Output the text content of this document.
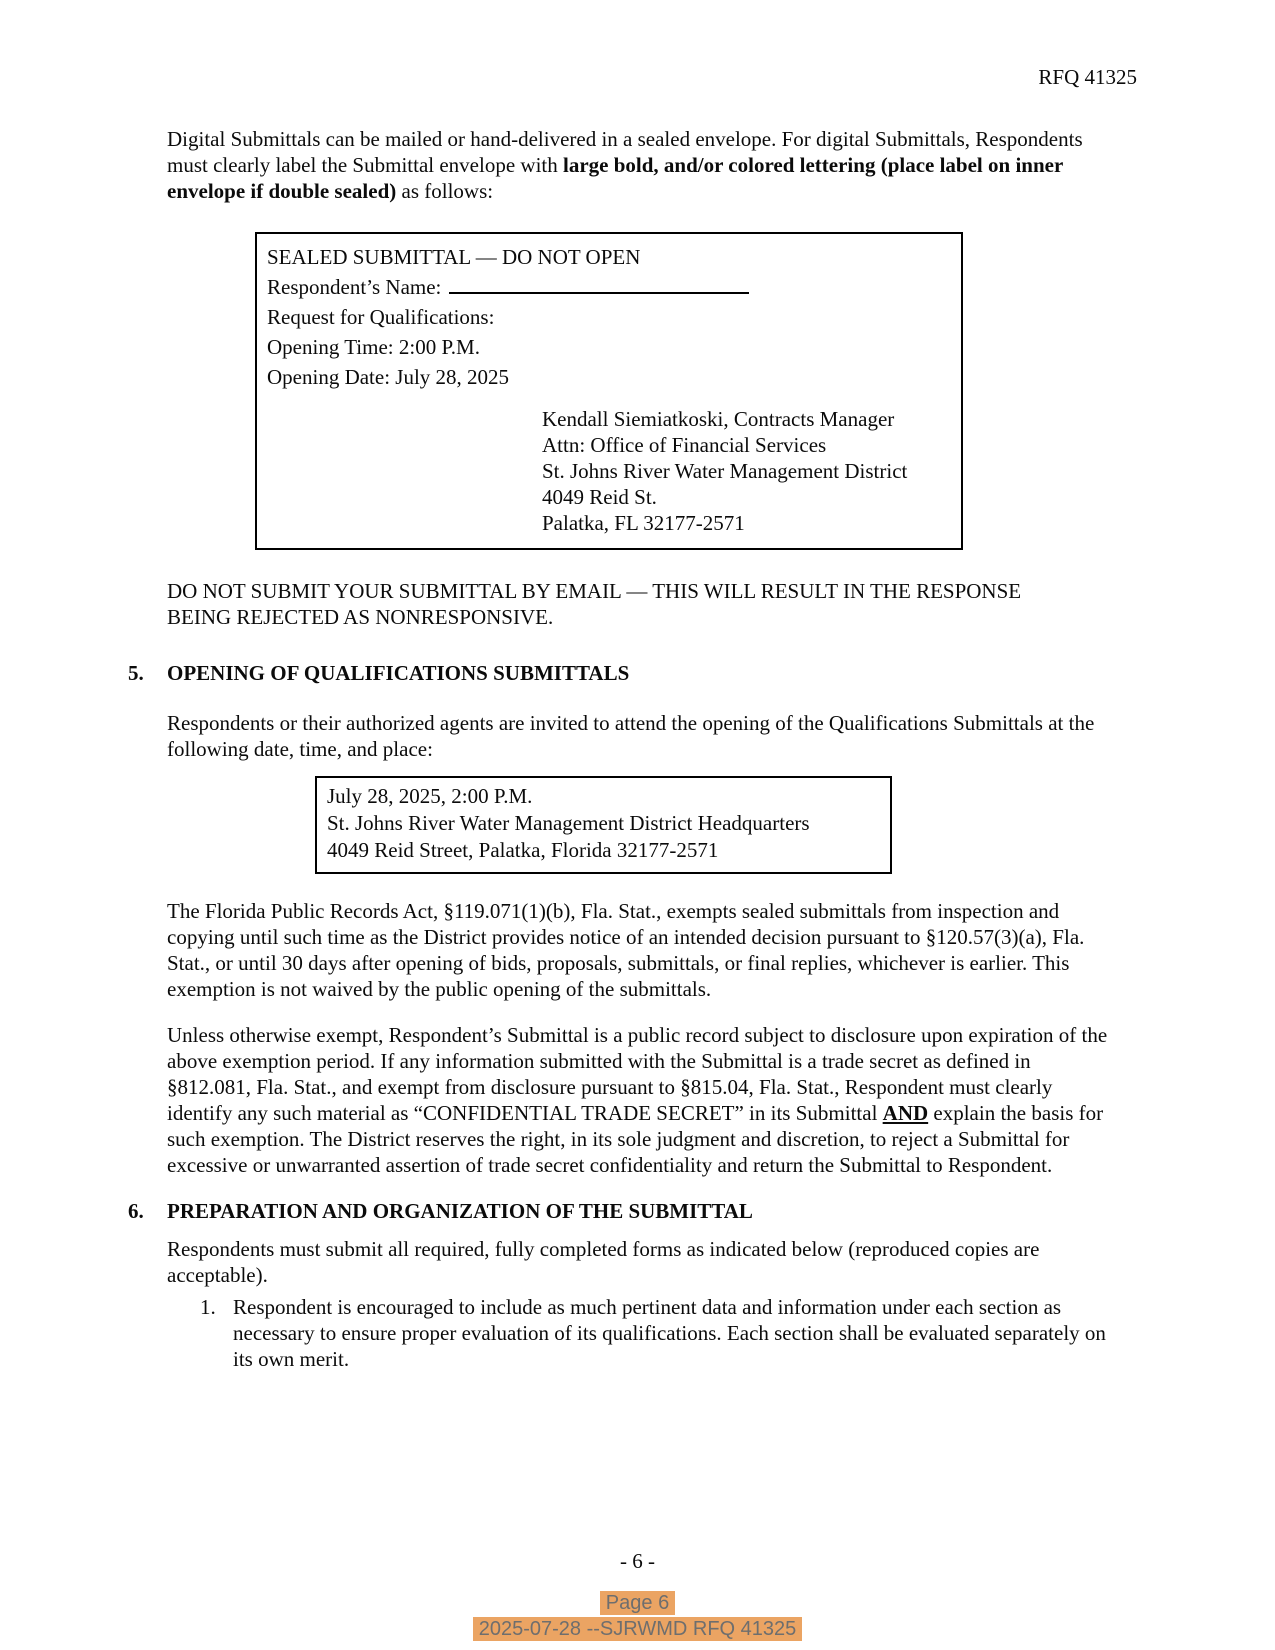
RFQ 41325

Digital Submittals can be mailed or hand-delivered in a sealed envelope. For digital Submittals, Respondents must clearly label the Submittal envelope with large bold, and/or colored lettering (place label on inner envelope if double sealed) as follows:

SEALED SUBMITTAL — DO NOT OPEN
Respondent’s Name:
Request for Qualifications:
Opening Time: 2:00 P.M.
Opening Date: July 28, 2025
Kendall Siemiatkoski, Contracts Manager
Attn: Office of Financial Services
St. Johns River Water Management District
4049 Reid St.
Palatka, FL 32177-2571

DO NOT SUBMIT YOUR SUBMITTAL BY EMAIL — THIS WILL RESULT IN THE RESPONSE BEING REJECTED AS NONRESPONSIVE.

5. OPENING OF QUALIFICATIONS SUBMITTALS

Respondents or their authorized agents are invited to attend the opening of the Qualifications Submittals at the following date, time, and place:

July 28, 2025, 2:00 P.M.
St. Johns River Water Management District Headquarters
4049 Reid Street, Palatka, Florida 32177-2571

The Florida Public Records Act, §119.071(1)(b), Fla. Stat., exempts sealed submittals from inspection and copying until such time as the District provides notice of an intended decision pursuant to §120.57(3)(a), Fla. Stat., or until 30 days after opening of bids, proposals, submittals, or final replies, whichever is earlier. This exemption is not waived by the public opening of the submittals.

Unless otherwise exempt, Respondent’s Submittal is a public record subject to disclosure upon expiration of the above exemption period. If any information submitted with the Submittal is a trade secret as defined in §812.081, Fla. Stat., and exempt from disclosure pursuant to §815.04, Fla. Stat., Respondent must clearly identify any such material as “CONFIDENTIAL TRADE SECRET” in its Submittal AND explain the basis for such exemption. The District reserves the right, in its sole judgment and discretion, to reject a Submittal for excessive or unwarranted assertion of trade secret confidentiality and return the Submittal to Respondent.

6. PREPARATION AND ORGANIZATION OF THE SUBMITTAL

Respondents must submit all required, fully completed forms as indicated below (reproduced copies are acceptable).

1. Respondent is encouraged to include as much pertinent data and information under each section as necessary to ensure proper evaluation of its qualifications. Each section shall be evaluated separately on its own merit.
- 6 -
Page 6
2025-07-28 --SJRWMD RFQ 41325
